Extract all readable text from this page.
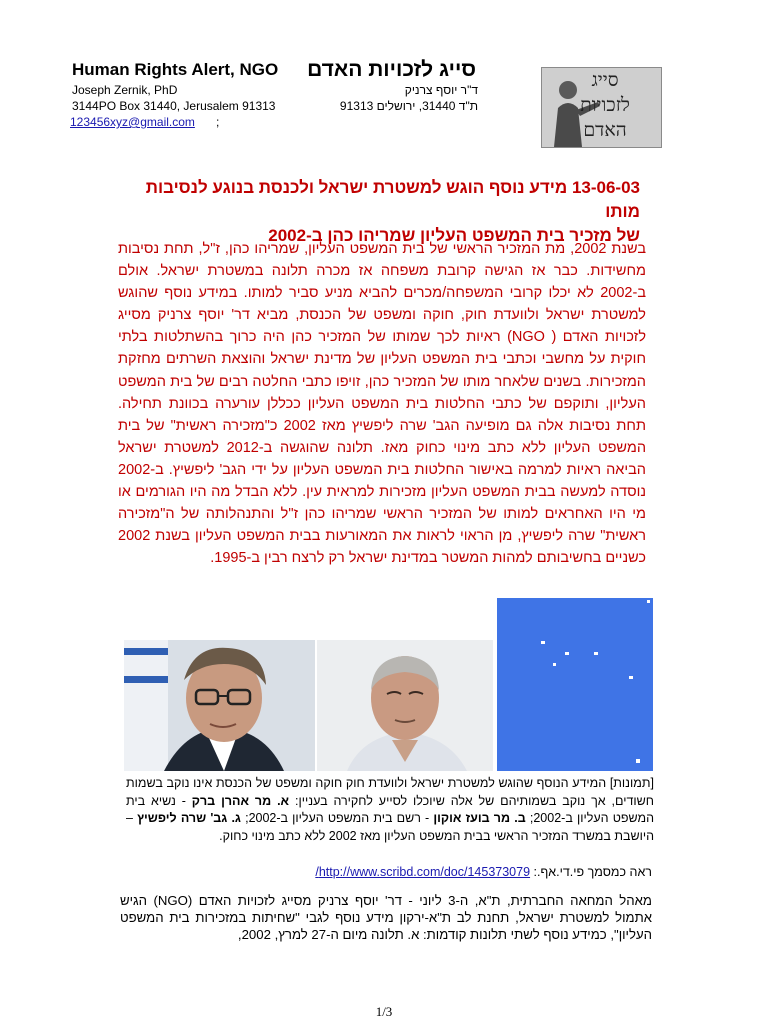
Human Rights Alert, NGO סייג לזכויות האדם
Joseph Zernik, PhD
3144PO Box 31440, Jerusalem 91313
123456xyz@gmail.com ;
ד"ר יוסף צרניק
ת"ד 31440, ירושלים 91313
סייג
לזכויות
האדם
13-06-03 מידע נוסף הוגש למשטרת ישראל ולכנסת בנוגע לנסיבות מותו
של מזכיר בית המשפט העליון שמריהו כהן ב-2002
בשנת 2002, מת המזכיר הראשי של בית המשפט העליון, שמריהו כהן, ז"ל, תחת נסיבות מחשידות. כבר אז הגישה קרובת משפחה אז מכרה תלונה במשטרת ישראל. אולם ב-2002 לא יכלו קרובי המשפחה/מכרים להביא מניע סביר למותו. במידע נוסף שהוגש למשטרת ישראל ולוועדת חוק, חוקה ומשפט של הכנסת, מביא דר' יוסף צרניק מסייג לזכויות האדם ( NGO) ראיות לכך שמותו של המזכיר כהן היה כרוך בהשתלטות בלתי חוקית על מחשבי וכתבי בית המשפט העליון של מדינת ישראל והוצאת השרתים מחזקת המזכירות. בשנים שלאחר מותו של המזכיר כהן, זויפו כתבי החלטה רבים של בית המשפט העליון, ותוקפם של כתבי החלטות בית המשפט העליון ככללן עורערה בכוונת תחילה. תחת נסיבות אלה גם מופיעה הגב' שרה ליפשיץ מאז 2002 כ"מזכירה ראשית" של בית המשפט העליון ללא כתב מינוי כחוק מאז. תלונה שהוגשה ב-2012 למשטרת ישראל הביאה ראיות למרמה באישור החלטות בית המשפט העליון על ידי הגב' ליפשיץ. ב-2002 נוסדה למעשה בבית המשפט העליון מזכירות למראית עין. ללא הבדל מה היו הגורמים או מי היו האחראים למותו של המזכיר הראשי שמריהו כהן ז"ל והתנהלותה של ה"מזכירה ראשית" שרה ליפשיץ, מן הראוי לראות את המאורעות בבית המשפט העליון בשנת 2002 כשניים בחשיבותם למהות המשטר במדינת ישראל רק לרצח רבין ב-1995.
[תמונות] המידע הנוסף שהוגש למשטרת ישראל ולוועדת חוק חוקה ומשפט של הכנסת אינו נוקב בשמות חשודים, אך נוקב בשמותיהם של אלה שיוכלו לסייע לחקירה בעניין: א. מר אהרן ברק - נשיא בית המשפט העליון ב-2002; ב. מר בועז אוקון - רשם בית המשפט העליון ב-2002; ג. גב' שרה ליפשיץ – היושבת במשרד המזכיר הראשי בבית המשפט העליון מאז 2002 ללא כתב מינוי כחוק.
ראה כמסמך פי.די.אף.: http://www.scribd.com/doc/145373079/
מאהל המחאה החברתית, ת"א, ה-3 ליוני - דר' יוסף צרניק מסייג לזכויות האדם (NGO) הגיש אתמול למשטרת ישראל, תחנת לב ת"א-ירקון מידע נוסף לגבי "שחיתות במזכירות בית המשפט העליון", כמידע נוסף לשתי תלונות קודמות: א. תלונה מיום ה-27 למרץ, 2002,
1/3
